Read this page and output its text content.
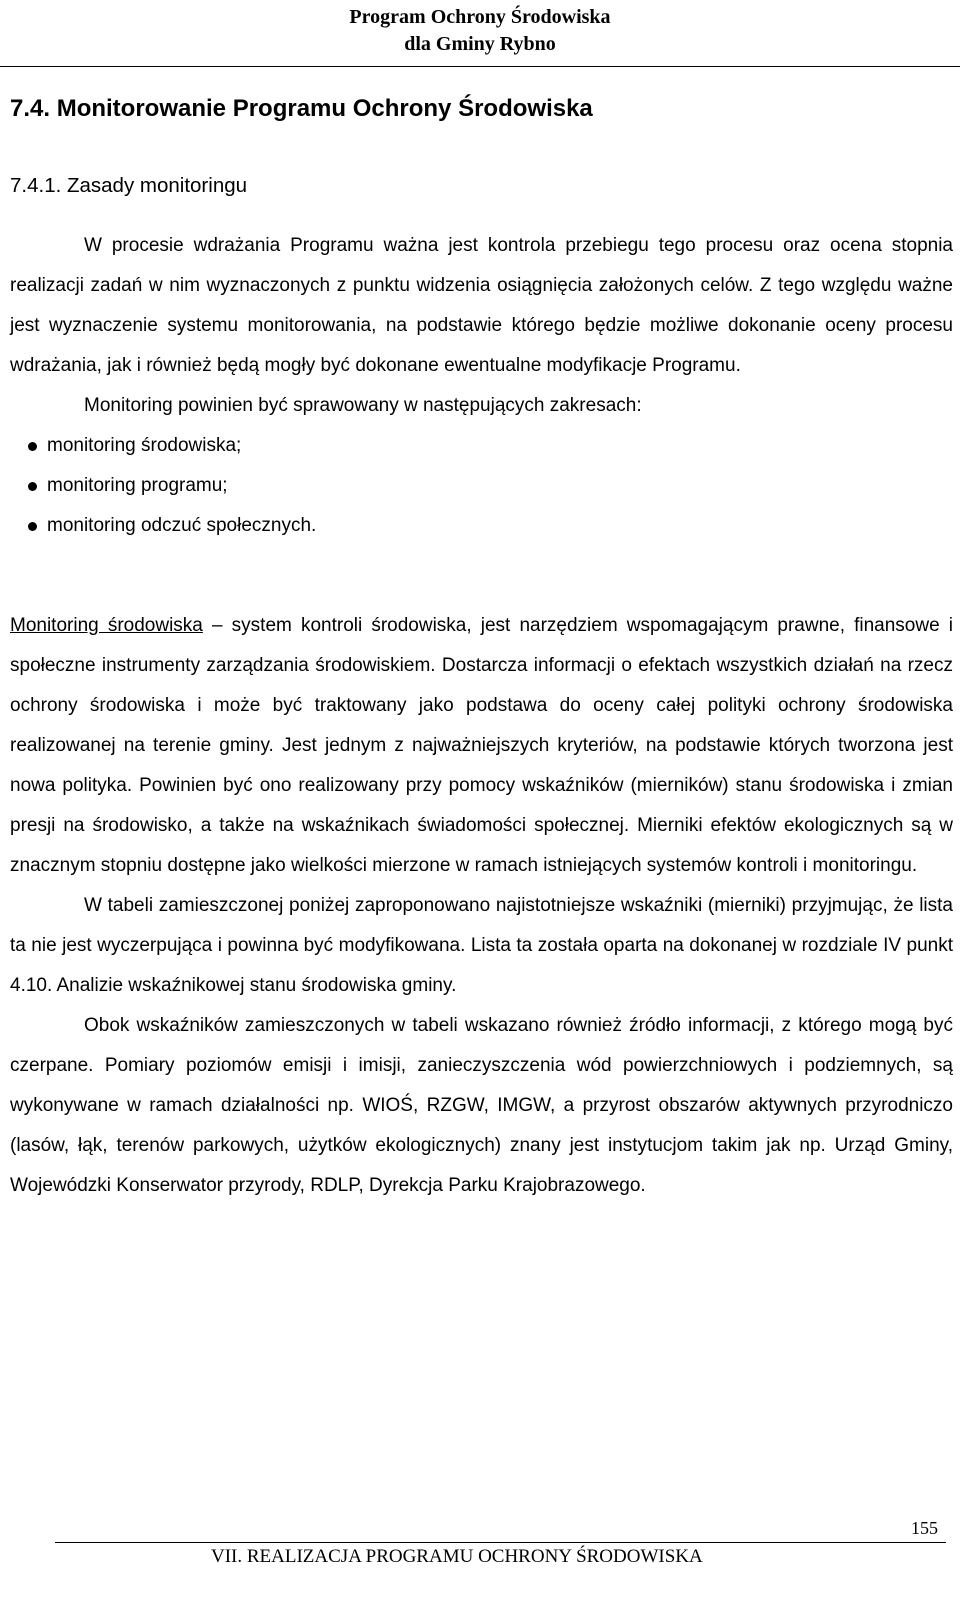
Program Ochrony Środowiska
dla Gminy Rybno
7.4. Monitorowanie Programu Ochrony Środowiska
7.4.1. Zasady monitoringu

W procesie wdrażania Programu ważna jest kontrola przebiegu tego procesu oraz ocena stopnia realizacji zadań w nim wyznaczonych z punktu widzenia osiągnięcia założonych celów. Z tego względu ważne jest wyznaczenie systemu monitorowania, na podstawie którego będzie możliwe dokonanie oceny procesu wdrażania, jak i również będą mogły być dokonane ewentualne modyfikacje Programu.

Monitoring powinien być sprawowany w następujących zakresach:

monitoring środowiska;
monitoring programu;
monitoring odczuć społecznych.

Monitoring środowiska – system kontroli środowiska, jest narzędziem wspomagającym prawne, finansowe i społeczne instrumenty zarządzania środowiskiem. Dostarcza informacji o efektach wszystkich działań na rzecz ochrony środowiska i może być traktowany jako podstawa do oceny całej polityki ochrony środowiska realizowanej na terenie gminy. Jest jednym z najważniejszych kryteriów, na podstawie których tworzona jest nowa polityka. Powinien być ono realizowany przy pomocy wskaźników (mierników) stanu środowiska i zmian presji na środowisko, a także na wskaźnikach świadomości społecznej. Mierniki efektów ekologicznych są w znacznym stopniu dostępne jako wielkości mierzone w ramach istniejących systemów kontroli i monitoringu.

W tabeli zamieszczonej poniżej zaproponowano najistotniejsze wskaźniki (mierniki) przyjmując, że lista ta nie jest wyczerpująca i powinna być modyfikowana. Lista ta została oparta na dokonanej w rozdziale IV punkt 4.10. Analizie wskaźnikowej stanu środowiska gminy.

Obok wskaźników zamieszczonych w tabeli wskazano również źródło informacji, z którego mogą być czerpane. Pomiary poziomów emisji i imisji, zanieczyszczenia wód powierzchniowych i podziemnych, są wykonywane w ramach działalności np. WIOŚ, RZGW, IMGW, a przyrost obszarów aktywnych przyrodniczo (lasów, łąk, terenów parkowych, użytków ekologicznych) znany jest instytucjom takim jak np. Urząd Gminy, Wojewódzki Konserwator przyrody, RDLP, Dyrekcja Parku Krajobrazowego.

155
VII. REALIZACJA PROGRAMU OCHRONY ŚRODOWISKA
